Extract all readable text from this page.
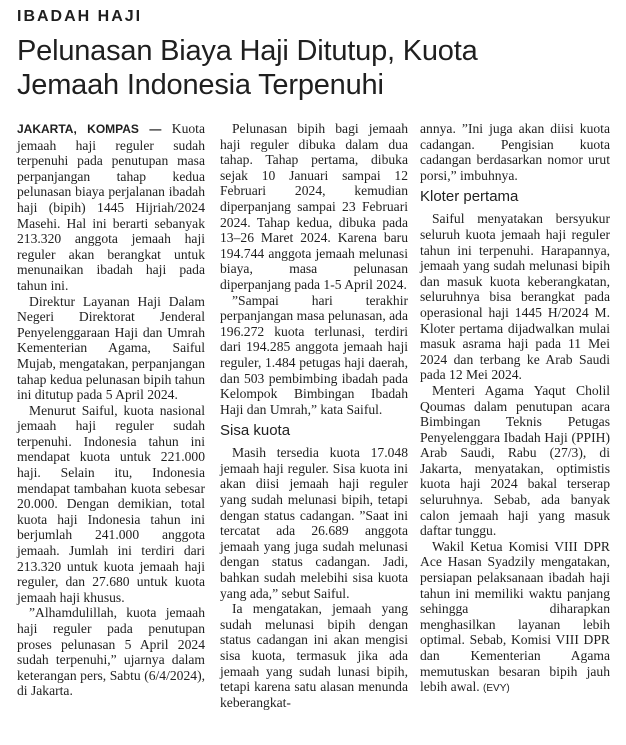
IBADAH HAJI
Pelunasan Biaya Haji Ditutup, Kuota
Jemaah Indonesia Terpenuhi

JAKARTA, KOMPAS — Kuota jemaah haji reguler sudah terpenuhi pada penutupan masa perpanjangan tahap kedua pelunasan biaya perjalanan ibadah haji (bipih) 1445 Hijriah/2024 Masehi. Hal ini berarti sebanyak 213.320 anggota jemaah haji reguler akan berangkat untuk menunaikan ibadah haji pada tahun ini.

Direktur Layanan Haji Dalam Negeri Direktorat Jenderal Penyelenggaraan Haji dan Umrah Kementerian Agama, Saiful Mujab, mengatakan, perpanjangan tahap kedua pelunasan bipih tahun ini ditutup pada 5 April 2024.

Menurut Saiful, kuota nasional jemaah haji reguler sudah terpenuhi. Indonesia tahun ini mendapat kuota untuk 221.000 haji. Selain itu, Indonesia mendapat tambahan kuota sebesar 20.000. Dengan demikian, total kuota haji Indonesia tahun ini berjumlah 241.000 anggota jemaah. Jumlah ini terdiri dari 213.320 untuk kuota jemaah haji reguler, dan 27.680 untuk kuota jemaah haji khusus.

”Alhamdulillah, kuota jemaah haji reguler pada penutupan proses pelunasan 5 April 2024 sudah terpenuhi,” ujarnya dalam keterangan pers, Sabtu (6/4/2024), di Jakarta.

Pelunasan bipih bagi jemaah haji reguler dibuka dalam dua tahap. Tahap pertama, dibuka sejak 10 Januari sampai 12 Februari 2024, kemudian diperpanjang sampai 23 Februari 2024. Tahap kedua, dibuka pada 13–26 Maret 2024. Karena baru 194.744 anggota jemaah melunasi biaya, masa pelunasan diperpanjang pada 1-5 April 2024.

”Sampai hari terakhir perpanjangan masa pelunasan, ada 196.272 kuota terlunasi, terdiri dari 194.285 anggota jemaah haji reguler, 1.484 petugas haji daerah, dan 503 pembimbing ibadah pada Kelompok Bimbingan Ibadah Haji dan Umrah,” kata Saiful.

Sisa kuota

Masih tersedia kuota 17.048 jemaah haji reguler. Sisa kuota ini akan diisi jemaah haji reguler yang sudah melunasi bipih, tetapi dengan status cadangan. ”Saat ini tercatat ada 26.689 anggota jemaah yang juga sudah melunasi dengan status cadangan. Jadi, bahkan sudah melebihi sisa kuota yang ada,” sebut Saiful.

Ia mengatakan, jemaah yang sudah melunasi bipih dengan status cadangan ini akan mengisi sisa kuota, termasuk jika ada jemaah yang sudah lunasi bipih, tetapi karena satu alasan menunda keberangkat-

annya. ”Ini juga akan diisi kuota cadangan. Pengisian kuota cadangan berdasarkan nomor urut porsi,” imbuhnya.

Kloter pertama

Saiful menyatakan bersyukur seluruh kuota jemaah haji reguler tahun ini terpenuhi. Harapannya, jemaah yang sudah melunasi bipih dan masuk kuota keberangkatan, seluruhnya bisa berangkat pada operasional haji 1445 H/2024 M. Kloter pertama dijadwalkan mulai masuk asrama haji pada 11 Mei 2024 dan terbang ke Arab Saudi pada 12 Mei 2024.

Menteri Agama Yaqut Cholil Qoumas dalam penutupan acara Bimbingan Teknis Petugas Penyelenggara Ibadah Haji (PPIH) Arab Saudi, Rabu (27/3), di Jakarta, menyatakan, optimistis kuota haji 2024 bakal terserap seluruhnya. Sebab, ada banyak calon jemaah haji yang masuk daftar tunggu.

Wakil Ketua Komisi VIII DPR Ace Hasan Syadzily mengatakan, persiapan pelaksanaan ibadah haji tahun ini memiliki waktu panjang sehingga diharapkan menghasilkan layanan lebih optimal. Sebab, Komisi VIII DPR dan Kementerian Agama memutuskan besaran bipih jauh lebih awal. (EVY)
